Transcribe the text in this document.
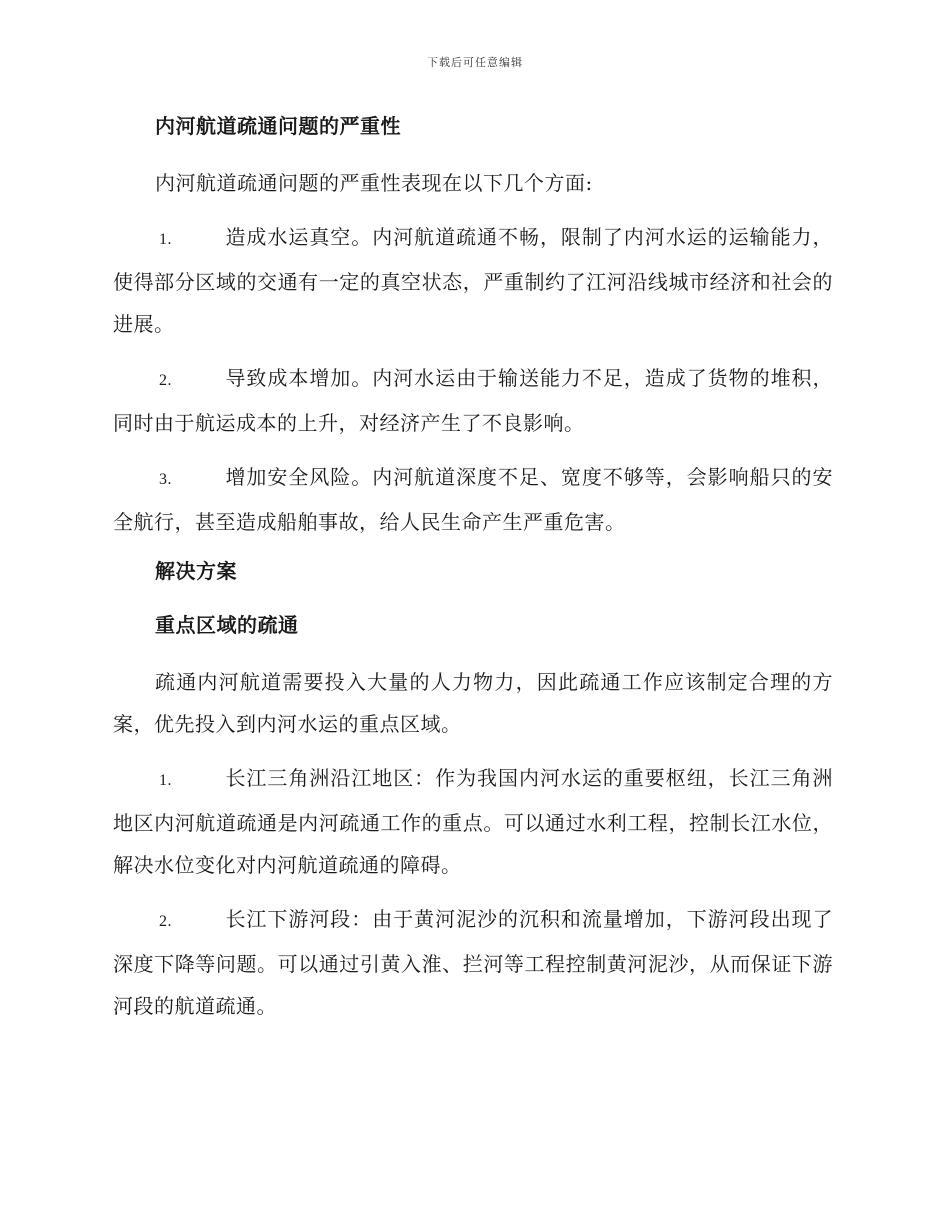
下载后可任意编辑
内河航道疏通问题的严重性

内河航道疏通问题的严重性表现在以下几个方面:

1.	造成水运真空。内河航道疏通不畅，限制了内河水运的运输能力，使得部分区域的交通有一定的真空状态，严重制约了江河沿线城市经济和社会的进展。

2.	导致成本增加。内河水运由于输送能力不足，造成了货物的堆积，同时由于航运成本的上升，对经济产生了不良影响。

3.	增加安全风险。内河航道深度不足、宽度不够等，会影响船只的安全航行，甚至造成船舶事故，给人民生命产生严重危害。

解决方案
重点区域的疏通

疏通内河航道需要投入大量的人力物力，因此疏通工作应该制定合理的方案，优先投入到内河水运的重点区域。

1.	长江三角洲沿江地区：作为我国内河水运的重要枢纽，长江三角洲地区内河航道疏通是内河疏通工作的重点。可以通过水利工程，控制长江水位，解决水位变化对内河航道疏通的障碍。

2.	长江下游河段：由于黄河泥沙的沉积和流量增加，下游河段出现了深度下降等问题。可以通过引黄入淮、拦河等工程控制黄河泥沙，从而保证下游河段的航道疏通。
